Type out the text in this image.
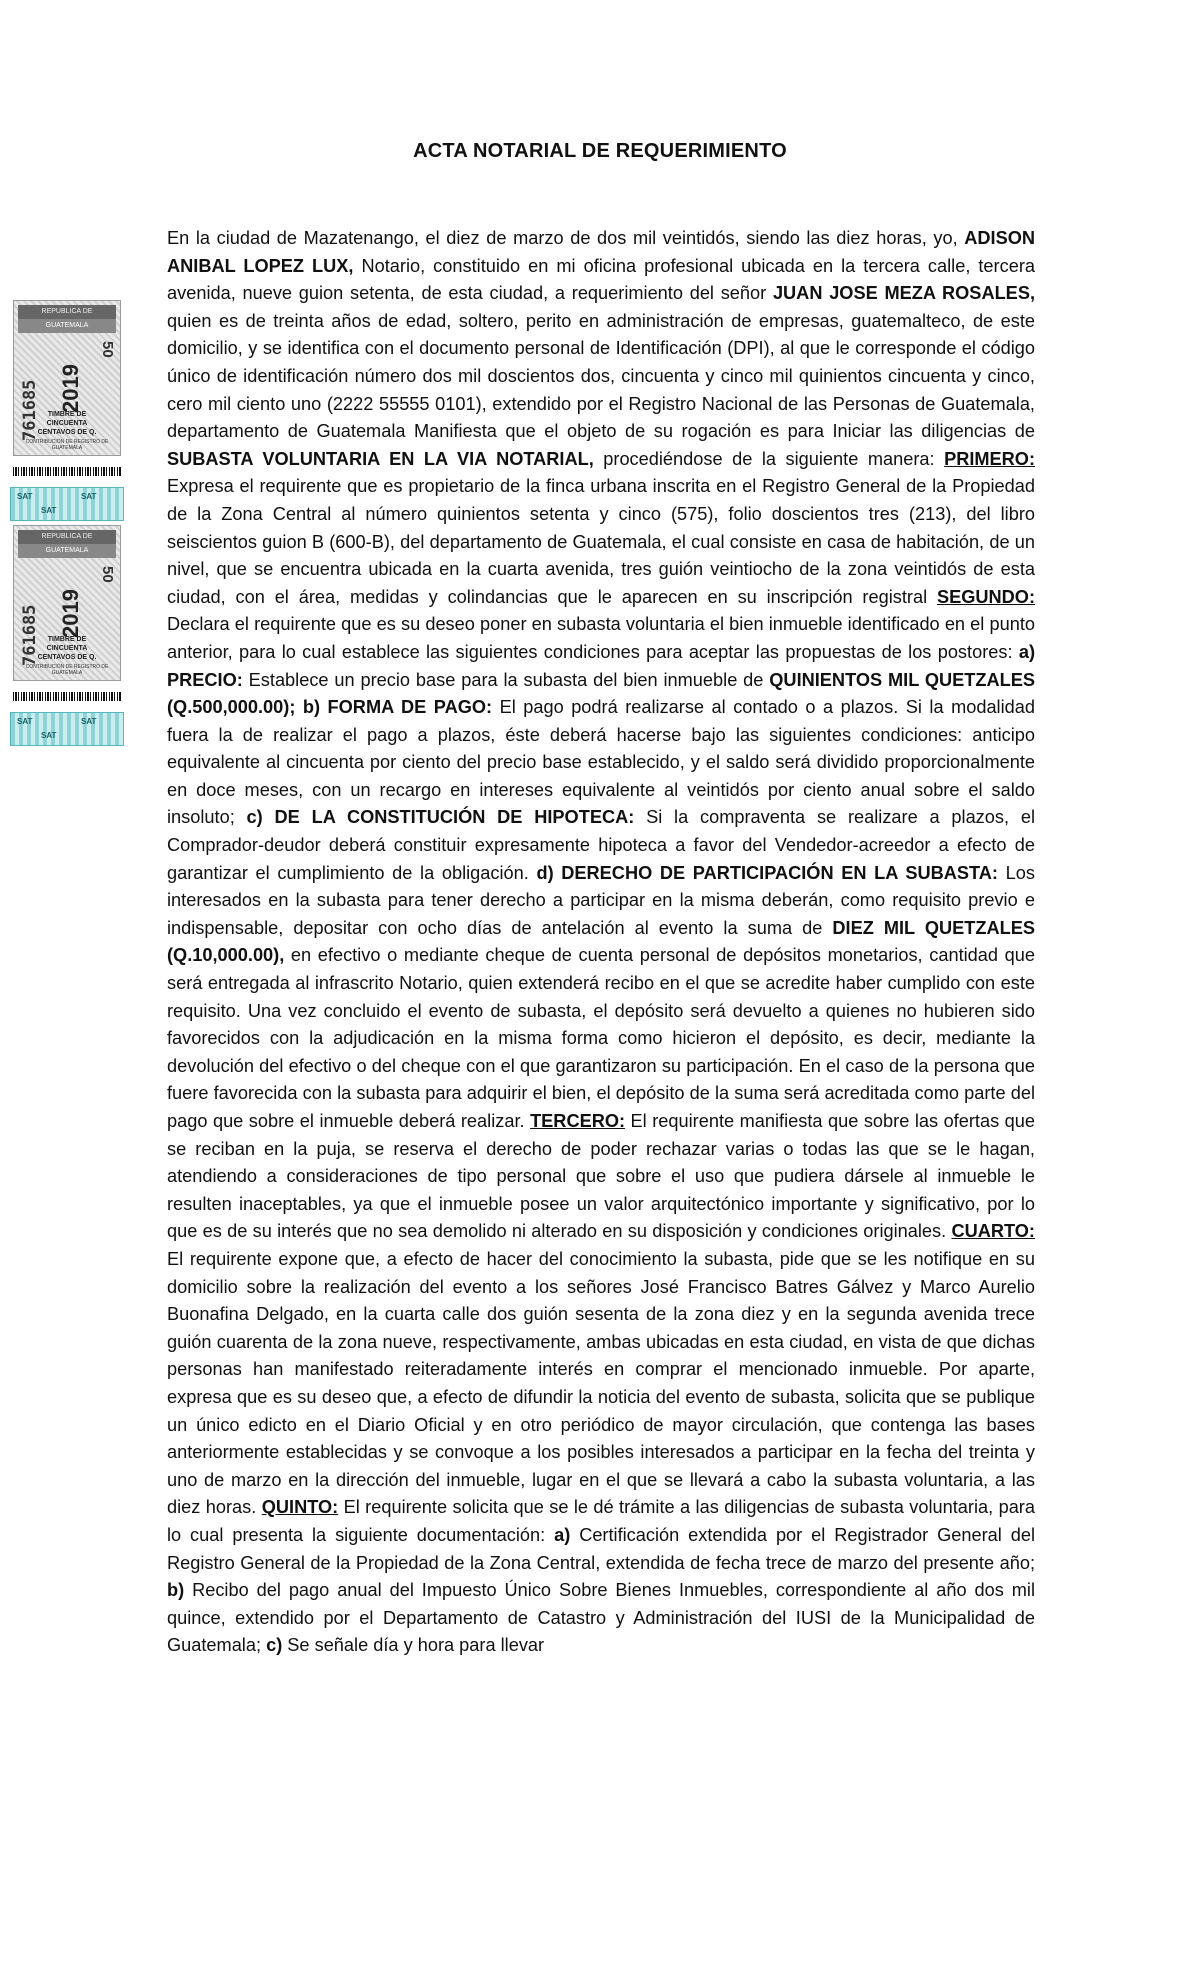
REPUBLICA DE
GUATEMALA
761685 2019
50
TIMBRE DE
CINCUENTA
CENTAVOS DE Q.
CONTRIBUCIÓN DE REGISTRO DE GUATEMALA
SAT	SAT
SAT
REPUBLICA DE
GUATEMALA
761685 2019
50
TIMBRE DE
CINCUENTA
CENTAVOS DE Q.
CONTRIBUCIÓN DE REGISTRO DE GUATEMALA
SAT	SAT
SAT
ACTA NOTARIAL DE REQUERIMIENTO

En la ciudad de Mazatenango, el diez de marzo de dos mil veintidós, siendo las diez horas, yo, ADISON ANIBAL LOPEZ LUX, Notario, constituido en mi oficina profesional ubicada en la tercera calle, tercera avenida, nueve guion setenta, de esta ciudad, a requerimiento del señor JUAN JOSE MEZA ROSALES, quien es de treinta años de edad, soltero, perito en administración de empresas, guatemalteco, de este domicilio, y se identifica con el documento personal de Identificación (DPI), al que le corresponde el código único de identificación número dos mil doscientos dos, cincuenta y cinco mil quinientos cincuenta y cinco, cero mil ciento uno (2222 55555 0101), extendido por el Registro Nacional de las Personas de Guatemala, departamento de Guatemala Manifiesta que el objeto de su rogación es para Iniciar las diligencias de SUBASTA VOLUNTARIA EN LA VIA NOTARIAL, procediéndose de la siguiente manera: PRIMERO: Expresa el requirente que es propietario de la finca urbana inscrita en el Registro General de la Propiedad de la Zona Central al número quinientos setenta y cinco (575), folio doscientos tres (213), del libro seiscientos guion B (600-B), del departamento de Guatemala, el cual consiste en casa de habitación, de un nivel, que se encuentra ubicada en la cuarta avenida, tres guión veintiocho de la zona veintidós de esta ciudad, con el área, medidas y colindancias que le aparecen en su inscripción registral SEGUNDO: Declara el requirente que es su deseo poner en subasta voluntaria el bien inmueble identificado en el punto anterior, para lo cual establece las siguientes condiciones para aceptar las propuestas de los postores: a) PRECIO: Establece un precio base para la subasta del bien inmueble de QUINIENTOS MIL QUETZALES (Q.500,000.00); b) FORMA DE PAGO: El pago podrá realizarse al contado o a plazos. Si la modalidad fuera la de realizar el pago a plazos, éste deberá hacerse bajo las siguientes condiciones: anticipo equivalente al cincuenta por ciento del precio base establecido, y el saldo será dividido proporcionalmente en doce meses, con un recargo en intereses equivalente al veintidós por ciento anual sobre el saldo insoluto; c) DE LA CONSTITUCIÓN DE HIPOTECA: Si la compraventa se realizare a plazos, el Comprador-deudor deberá constituir expresamente hipoteca a favor del Vendedor-acreedor a efecto de garantizar el cumplimiento de la obligación. d) DERECHO DE PARTICIPACIÓN EN LA SUBASTA: Los interesados en la subasta para tener derecho a participar en la misma deberán, como requisito previo e indispensable, depositar con ocho días de antelación al evento la suma de DIEZ MIL QUETZALES (Q.10,000.00), en efectivo o mediante cheque de cuenta personal de depósitos monetarios, cantidad que será entregada al infrascrito Notario, quien extenderá recibo en el que se acredite haber cumplido con este requisito. Una vez concluido el evento de subasta, el depósito será devuelto a quienes no hubieren sido favorecidos con la adjudicación en la misma forma como hicieron el depósito, es decir, mediante la devolución del efectivo o del cheque con el que garantizaron su participación. En el caso de la persona que fuere favorecida con la subasta para adquirir el bien, el depósito de la suma será acreditada como parte del pago que sobre el inmueble deberá realizar. TERCERO: El requirente manifiesta que sobre las ofertas que se reciban en la puja, se reserva el derecho de poder rechazar varias o todas las que se le hagan, atendiendo a consideraciones de tipo personal que sobre el uso que pudiera dársele al inmueble le resulten inaceptables, ya que el inmueble posee un valor arquitectónico importante y significativo, por lo que es de su interés que no sea demolido ni alterado en su disposición y condiciones originales. CUARTO: El requirente expone que, a efecto de hacer del conocimiento la subasta, pide que se les notifique en su domicilio sobre la realización del evento a los señores José Francisco Batres Gálvez y Marco Aurelio Buonafina Delgado, en la cuarta calle dos guión sesenta de la zona diez y en la segunda avenida trece guión cuarenta de la zona nueve, respectivamente, ambas ubicadas en esta ciudad, en vista de que dichas personas han manifestado reiteradamente interés en comprar el mencionado inmueble. Por aparte, expresa que es su deseo que, a efecto de difundir la noticia del evento de subasta, solicita que se publique un único edicto en el Diario Oficial y en otro periódico de mayor circulación, que contenga las bases anteriormente establecidas y se convoque a los posibles interesados a participar en la fecha del treinta y uno de marzo en la dirección del inmueble, lugar en el que se llevará a cabo la subasta voluntaria, a las diez horas. QUINTO: El requirente solicita que se le dé trámite a las diligencias de subasta voluntaria, para lo cual presenta la siguiente documentación: a) Certificación extendida por el Registrador General del Registro General de la Propiedad de la Zona Central, extendida de fecha trece de marzo del presente año; b) Recibo del pago anual del Impuesto Único Sobre Bienes Inmuebles, correspondiente al año dos mil quince, extendido por el Departamento de Catastro y Administración del IUSI de la Municipalidad de Guatemala; c) Se señale día y hora para llevar
